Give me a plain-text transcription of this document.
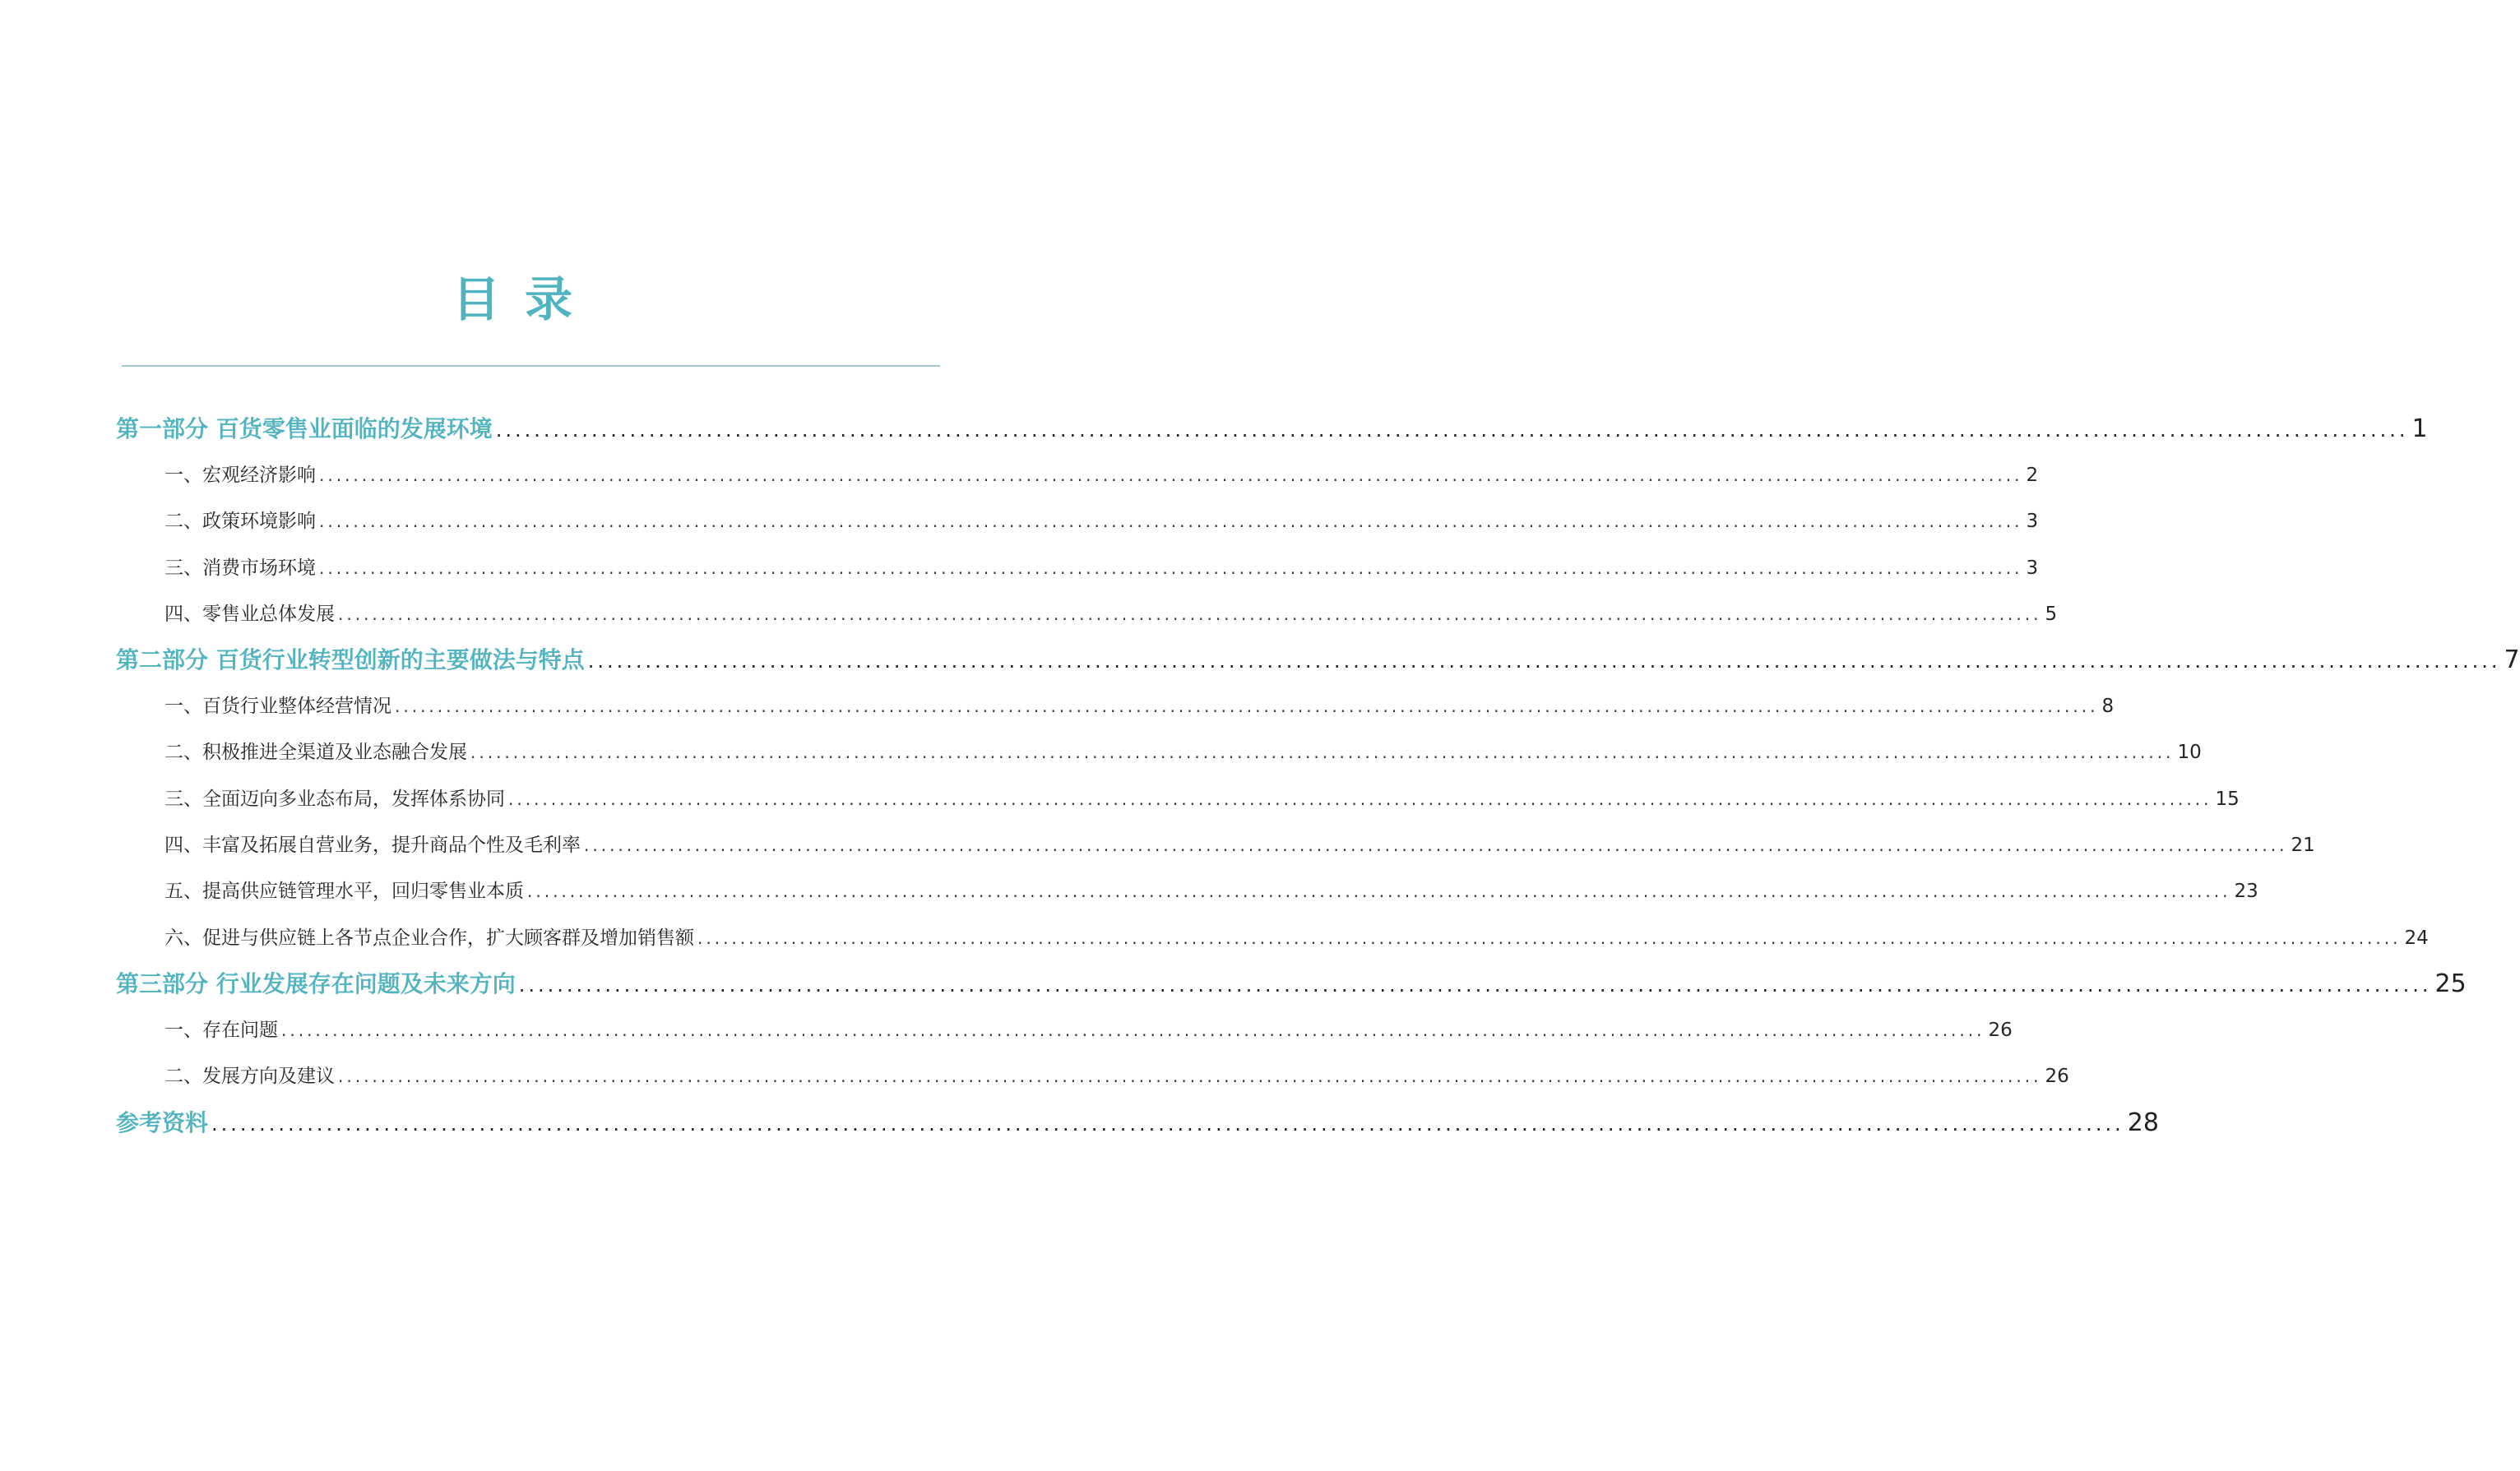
目录
第一部分 百货零售业面临的发展环境 ........................................................................................................................................................................................................ 1
一、宏观经济影响 ........................................................................................................................................................................................................ 2
二、政策环境影响 ........................................................................................................................................................................................................ 3
三、消费市场环境 ........................................................................................................................................................................................................ 3
四、零售业总体发展 ........................................................................................................................................................................................................ 5
第二部分 百货行业转型创新的主要做法与特点 ........................................................................................................................................................................................................ 7
一、百货行业整体经营情况 ........................................................................................................................................................................................................ 8
二、积极推进全渠道及业态融合发展 ........................................................................................................................................................................................................ 10
三、全面迈向多业态布局，发挥体系协同 ........................................................................................................................................................................................................ 15
四、丰富及拓展自营业务，提升商品个性及毛利率 ........................................................................................................................................................................................................ 21
五、提高供应链管理水平，回归零售业本质 ........................................................................................................................................................................................................ 23
六、促进与供应链上各节点企业合作，扩大顾客群及增加销售额 ........................................................................................................................................................................................................ 24
第三部分 行业发展存在问题及未来方向 ........................................................................................................................................................................................................ 25
一、存在问题 ........................................................................................................................................................................................................ 26
二、发展方向及建议 ........................................................................................................................................................................................................ 26
参考资料 ........................................................................................................................................................................................................ 28
